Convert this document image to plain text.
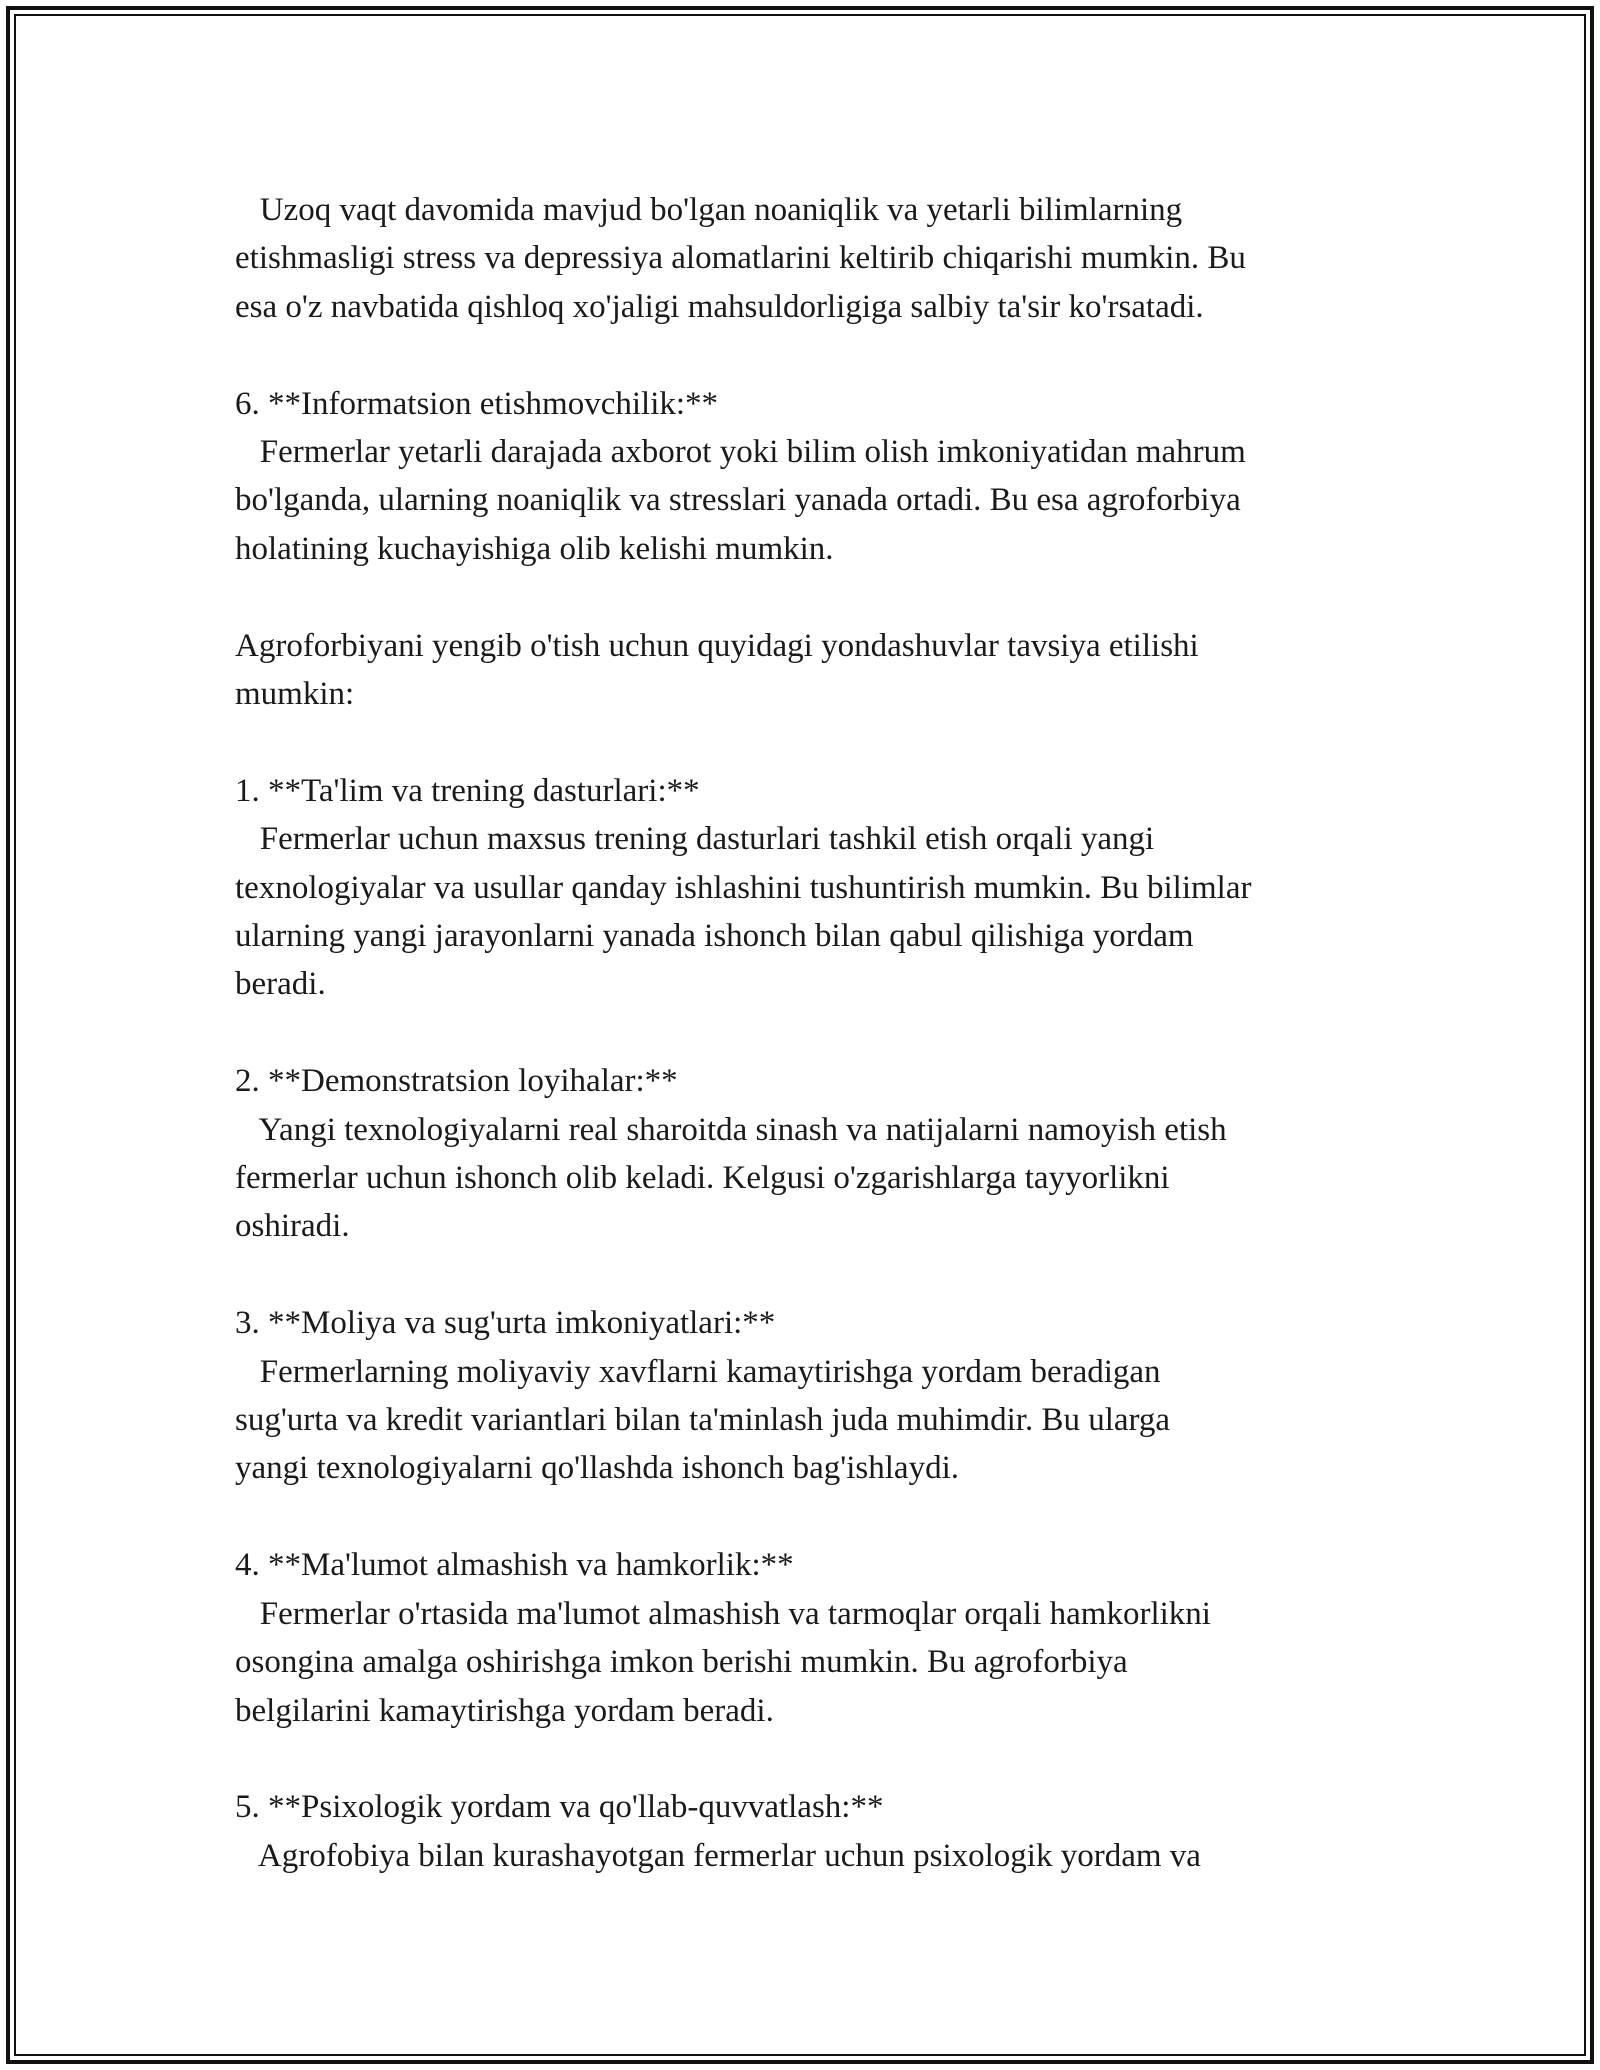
Uzoq vaqt davomida mavjud bo'lgan noaniqlik va yetarli bilimlarning
etishmasligi stress va depressiya alomatlarini keltirib chiqarishi mumkin. Bu
esa o'z navbatida qishloq xo'jaligi mahsuldorligiga salbiy ta'sir ko'rsatadi.
6. **Informatsion etishmovchilik:**
Fermerlar yetarli darajada axborot yoki bilim olish imkoniyatidan mahrum
bo'lganda, ularning noaniqlik va stresslari yanada ortadi. Bu esa agroforbiya
holatining kuchayishiga olib kelishi mumkin.
Agroforbiyani yengib o'tish uchun quyidagi yondashuvlar tavsiya etilishi
mumkin:
1. **Ta'lim va trening dasturlari:**
Fermerlar uchun maxsus trening dasturlari tashkil etish orqali yangi
texnologiyalar va usullar qanday ishlashini tushuntirish mumkin. Bu bilimlar
ularning yangi jarayonlarni yanada ishonch bilan qabul qilishiga yordam
beradi.
2. **Demonstratsion loyihalar:**
Yangi texnologiyalarni real sharoitda sinash va natijalarni namoyish etish
fermerlar uchun ishonch olib keladi. Kelgusi o'zgarishlarga tayyorlikni
oshiradi.
3. **Moliya va sug'urta imkoniyatlari:**
Fermerlarning moliyaviy xavflarni kamaytirishga yordam beradigan
sug'urta va kredit variantlari bilan ta'minlash juda muhimdir. Bu ularga
yangi texnologiyalarni qo'llashda ishonch bag'ishlaydi.
4. **Ma'lumot almashish va hamkorlik:**
Fermerlar o'rtasida ma'lumot almashish va tarmoqlar orqali hamkorlikni
osongina amalga oshirishga imkon berishi mumkin. Bu agroforbiya
belgilarini kamaytirishga yordam beradi.
5. **Psixologik yordam va qo'llab-quvvatlash:**
Agrofobiya bilan kurashayotgan fermerlar uchun psixologik yordam va
